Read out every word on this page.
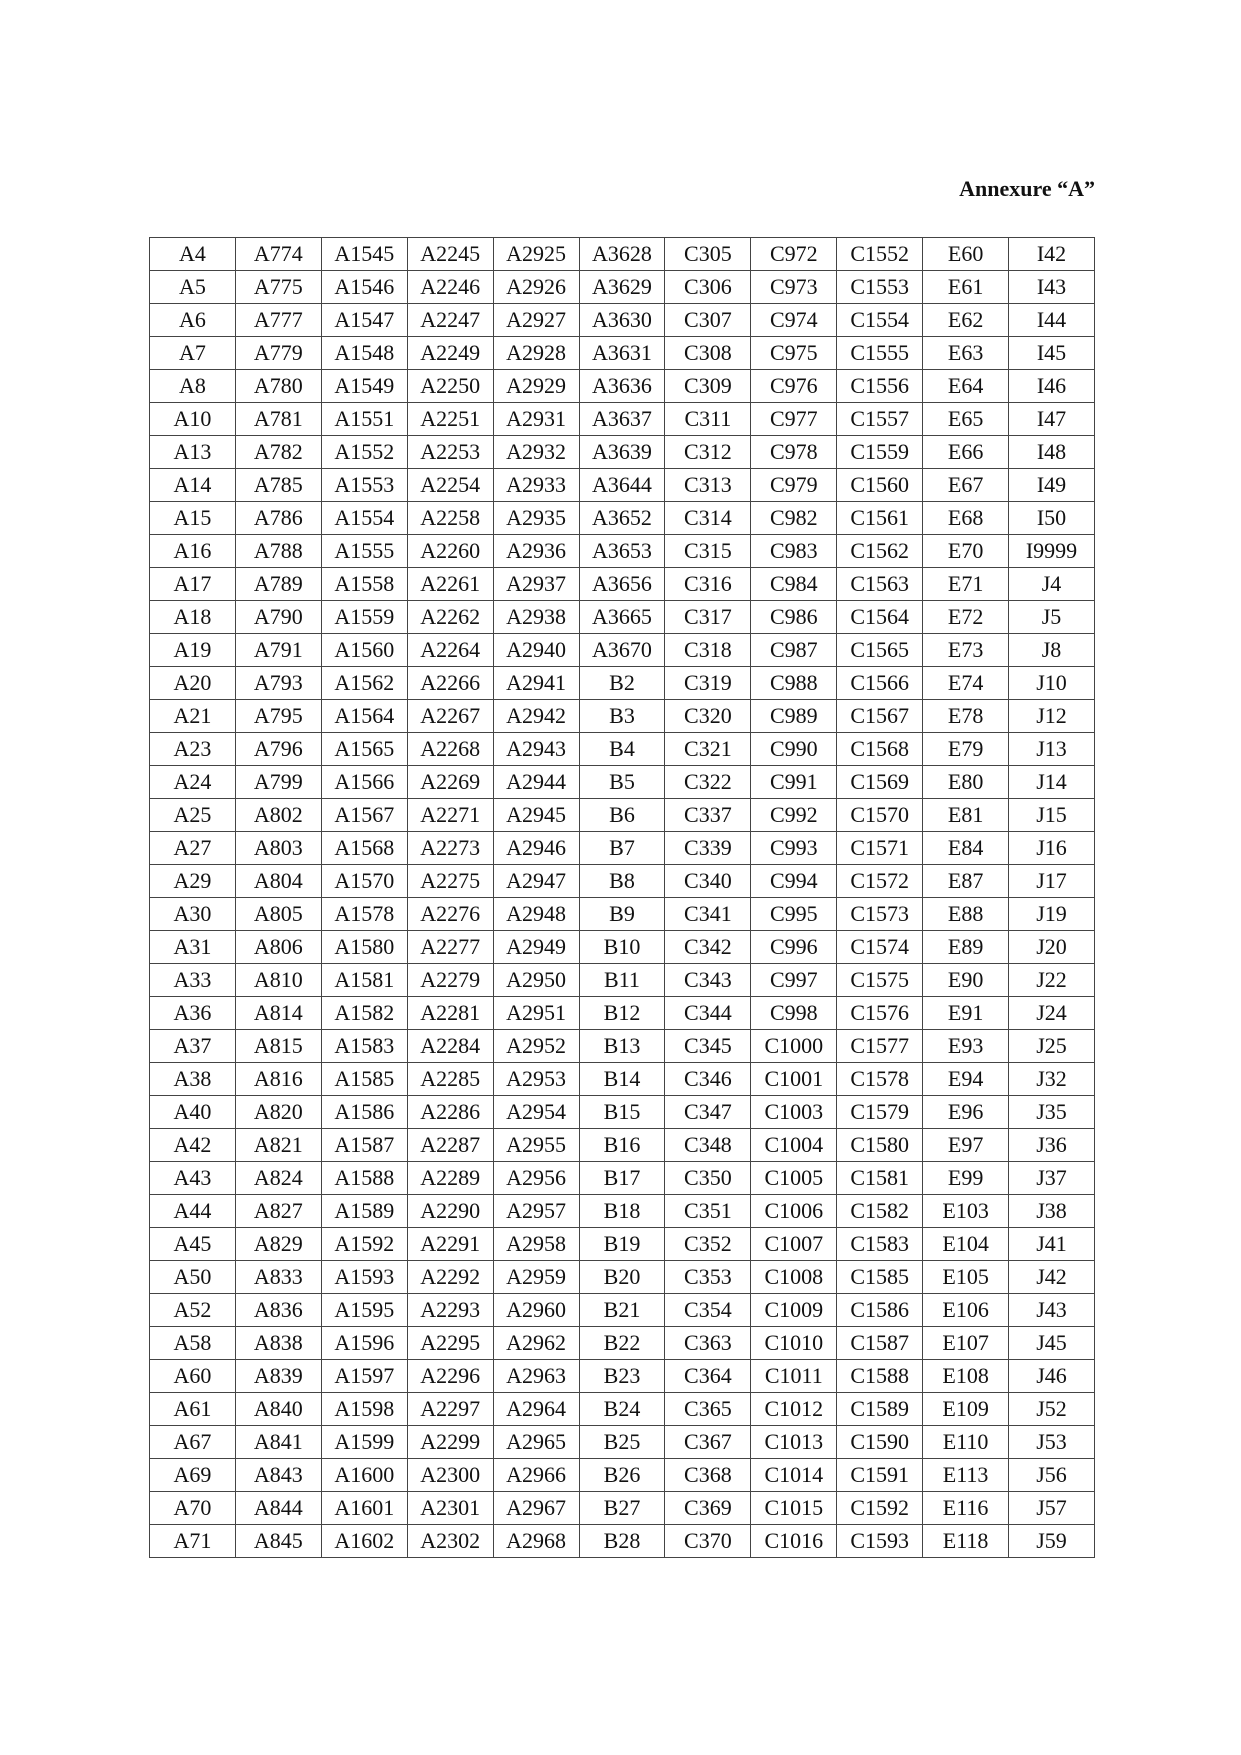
Annexure “A”
A4	A774	A1545	A2245	A2925	A3628	C305	C972	C1552	E60	I42
A5	A775	A1546	A2246	A2926	A3629	C306	C973	C1553	E61	I43
A6	A777	A1547	A2247	A2927	A3630	C307	C974	C1554	E62	I44
A7	A779	A1548	A2249	A2928	A3631	C308	C975	C1555	E63	I45
A8	A780	A1549	A2250	A2929	A3636	C309	C976	C1556	E64	I46
A10	A781	A1551	A2251	A2931	A3637	C311	C977	C1557	E65	I47
A13	A782	A1552	A2253	A2932	A3639	C312	C978	C1559	E66	I48
A14	A785	A1553	A2254	A2933	A3644	C313	C979	C1560	E67	I49
A15	A786	A1554	A2258	A2935	A3652	C314	C982	C1561	E68	I50
A16	A788	A1555	A2260	A2936	A3653	C315	C983	C1562	E70	I9999
A17	A789	A1558	A2261	A2937	A3656	C316	C984	C1563	E71	J4
A18	A790	A1559	A2262	A2938	A3665	C317	C986	C1564	E72	J5
A19	A791	A1560	A2264	A2940	A3670	C318	C987	C1565	E73	J8
A20	A793	A1562	A2266	A2941	B2	C319	C988	C1566	E74	J10
A21	A795	A1564	A2267	A2942	B3	C320	C989	C1567	E78	J12
A23	A796	A1565	A2268	A2943	B4	C321	C990	C1568	E79	J13
A24	A799	A1566	A2269	A2944	B5	C322	C991	C1569	E80	J14
A25	A802	A1567	A2271	A2945	B6	C337	C992	C1570	E81	J15
A27	A803	A1568	A2273	A2946	B7	C339	C993	C1571	E84	J16
A29	A804	A1570	A2275	A2947	B8	C340	C994	C1572	E87	J17
A30	A805	A1578	A2276	A2948	B9	C341	C995	C1573	E88	J19
A31	A806	A1580	A2277	A2949	B10	C342	C996	C1574	E89	J20
A33	A810	A1581	A2279	A2950	B11	C343	C997	C1575	E90	J22
A36	A814	A1582	A2281	A2951	B12	C344	C998	C1576	E91	J24
A37	A815	A1583	A2284	A2952	B13	C345	C1000	C1577	E93	J25
A38	A816	A1585	A2285	A2953	B14	C346	C1001	C1578	E94	J32
A40	A820	A1586	A2286	A2954	B15	C347	C1003	C1579	E96	J35
A42	A821	A1587	A2287	A2955	B16	C348	C1004	C1580	E97	J36
A43	A824	A1588	A2289	A2956	B17	C350	C1005	C1581	E99	J37
A44	A827	A1589	A2290	A2957	B18	C351	C1006	C1582	E103	J38
A45	A829	A1592	A2291	A2958	B19	C352	C1007	C1583	E104	J41
A50	A833	A1593	A2292	A2959	B20	C353	C1008	C1585	E105	J42
A52	A836	A1595	A2293	A2960	B21	C354	C1009	C1586	E106	J43
A58	A838	A1596	A2295	A2962	B22	C363	C1010	C1587	E107	J45
A60	A839	A1597	A2296	A2963	B23	C364	C1011	C1588	E108	J46
A61	A840	A1598	A2297	A2964	B24	C365	C1012	C1589	E109	J52
A67	A841	A1599	A2299	A2965	B25	C367	C1013	C1590	E110	J53
A69	A843	A1600	A2300	A2966	B26	C368	C1014	C1591	E113	J56
A70	A844	A1601	A2301	A2967	B27	C369	C1015	C1592	E116	J57
A71	A845	A1602	A2302	A2968	B28	C370	C1016	C1593	E118	J59
